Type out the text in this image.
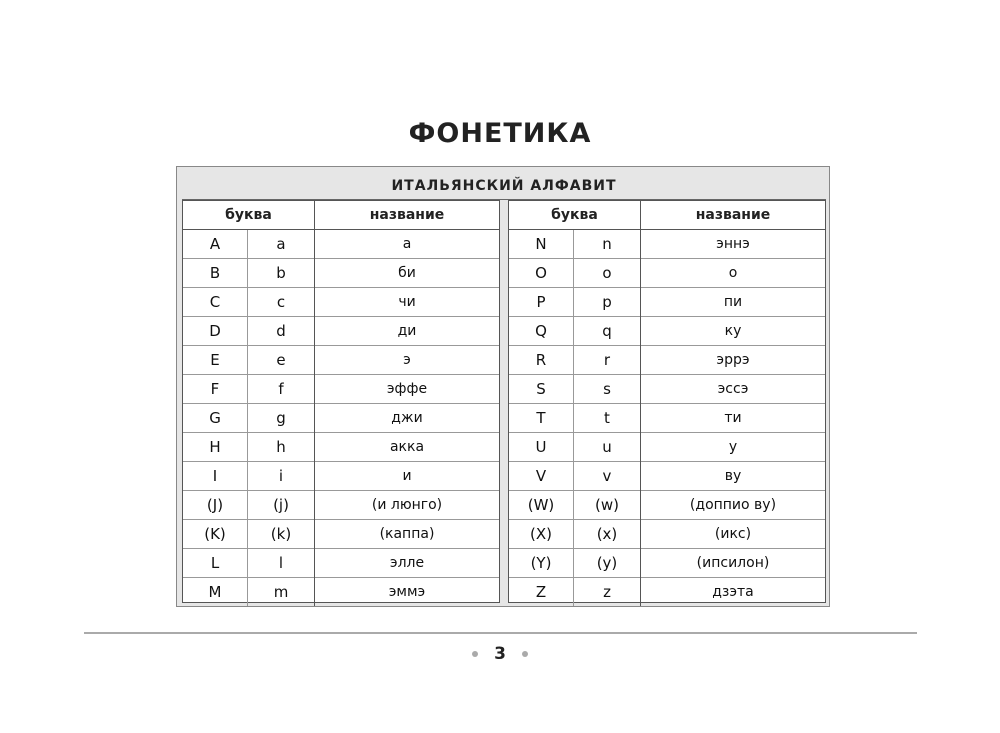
ФОНЕТИКА
ИТАЛЬЯНСКИЙ АЛФАВИТ
буква		название
A	a	а
B	b	би
C	c	чи
D	d	ди
E	e	э
F	f	эффе
G	g	джи
H	h	акка
I	i	и
(J)	(j)	(и люнго)
(K)	(k)	(каппа)
L	l	элле
M	m	эммэ
буква		название
N	n	эннэ
O	o	о
P	p	пи
Q	q	ку
R	r	эррэ
S	s	эссэ
T	t	ти
U	u	у
V	v	ву
(W)	(w)	(доппио ву)
(X)	(x)	(икс)
(Y)	(y)	(ипсилон)
Z	z	дзэта
3
